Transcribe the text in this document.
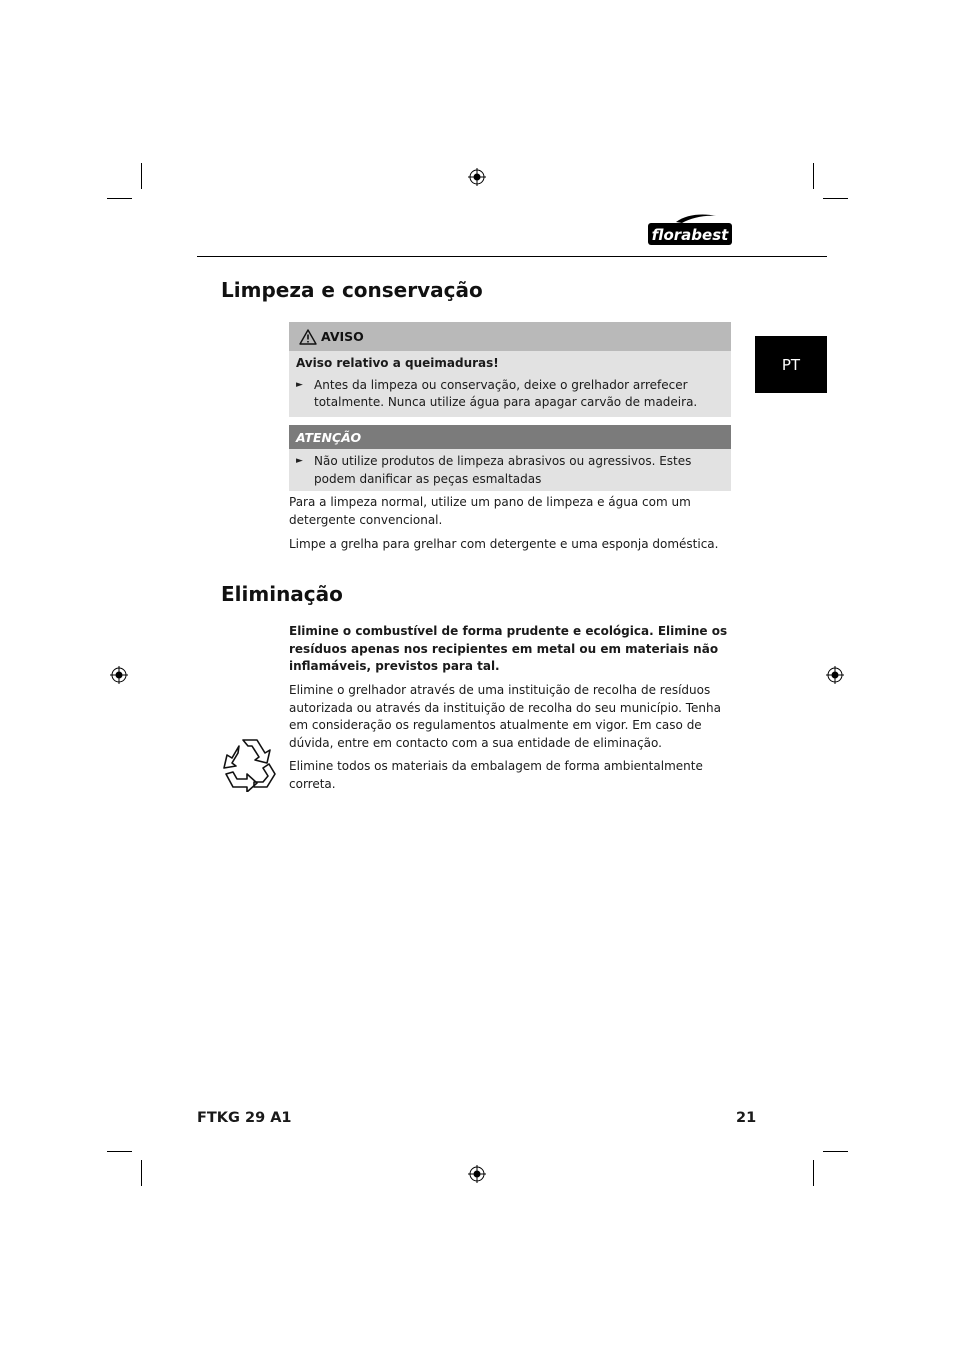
florabest
PT
Limpeza e conservação
AVISO
Aviso relativo a queimaduras!
► Antes da limpeza ou conservação, deixe o grelhador arrefecer totalmente. Nunca utilize água para apagar carvão de madeira.
ATENÇÃO
► Não utilize produtos de limpeza abrasivos ou agressivos. Estes podem danificar as peças esmaltadas

Para a limpeza normal, utilize um pano de limpeza e água com um detergente convencional.

Limpe a grelha para grelhar com detergente e uma esponja doméstica.

Eliminação

Elimine o combustível de forma prudente e ecológica. Elimine os resíduos apenas nos recipientes em metal ou em materiais não inflamáveis, previstos para tal.

Elimine o grelhador através de uma instituição de recolha de resíduos autorizada ou através da instituição de recolha do seu município. Tenha em consideração os regulamentos atualmente em vigor. Em caso de dúvida, entre em contacto com a sua entidade de eliminação.

Elimine todos os materiais da embalagem de forma ambientalmente correta.

FTKG 29 A1	21
